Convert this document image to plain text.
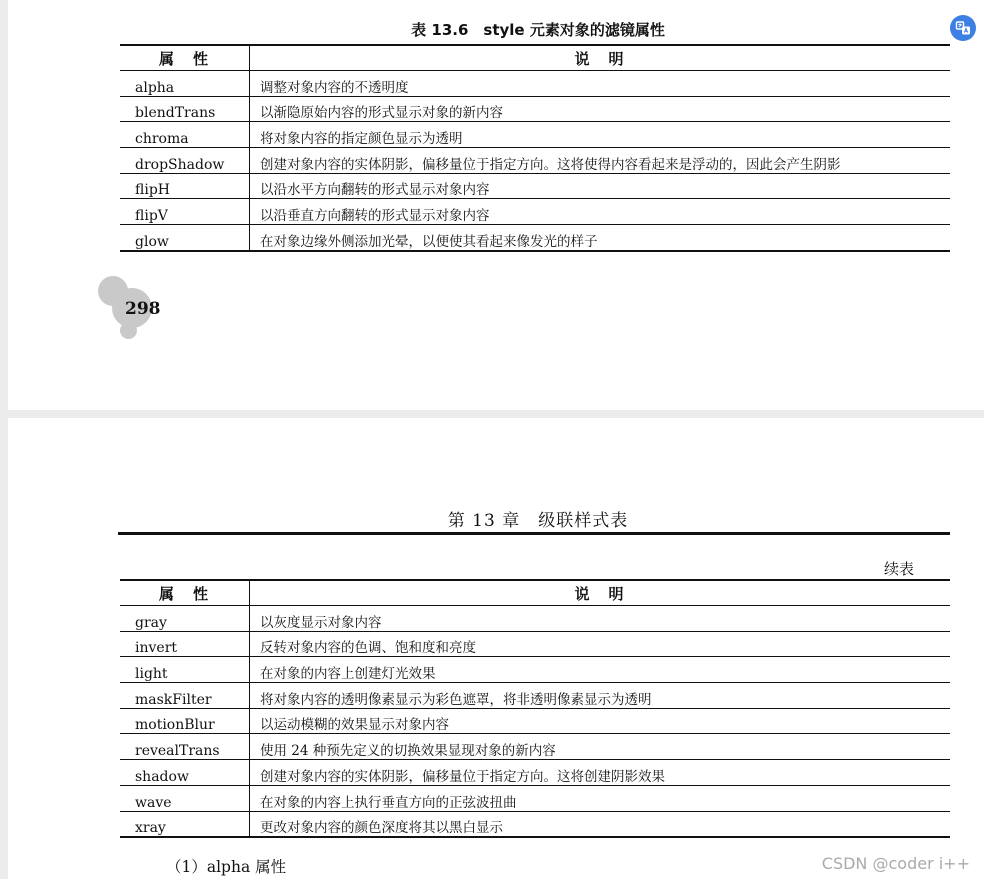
表 13.6　style 元素对象的滤镜属性
属　性	说　明
alpha	调整对象内容的不透明度
blendTrans	以渐隐原始内容的形式显示对象的新内容
chroma	将对象内容的指定颜色显示为透明
dropShadow	创建对象内容的实体阴影，偏移量位于指定方向。这将使得内容看起来是浮动的，因此会产生阴影
flipH	以沿水平方向翻转的形式显示对象内容
flipV	以沿垂直方向翻转的形式显示对象内容
glow	在对象边缘外侧添加光晕，以便使其看起来像发光的样子
298
第 13 章　级联样式表
续表
属　性	说　明
gray	以灰度显示对象内容
invert	反转对象内容的色调、饱和度和亮度
light	在对象的内容上创建灯光效果
maskFilter	将对象内容的透明像素显示为彩色遮罩，将非透明像素显示为透明
motionBlur	以运动模糊的效果显示对象内容
revealTrans	使用 24 种预先定义的切换效果显现对象的新内容
shadow	创建对象内容的实体阴影，偏移量位于指定方向。这将创建阴影效果
wave	在对象的内容上执行垂直方向的正弦波扭曲
xray	更改对象内容的颜色深度将其以黑白显示
（1）alpha 属性	CSDN @coder i++
